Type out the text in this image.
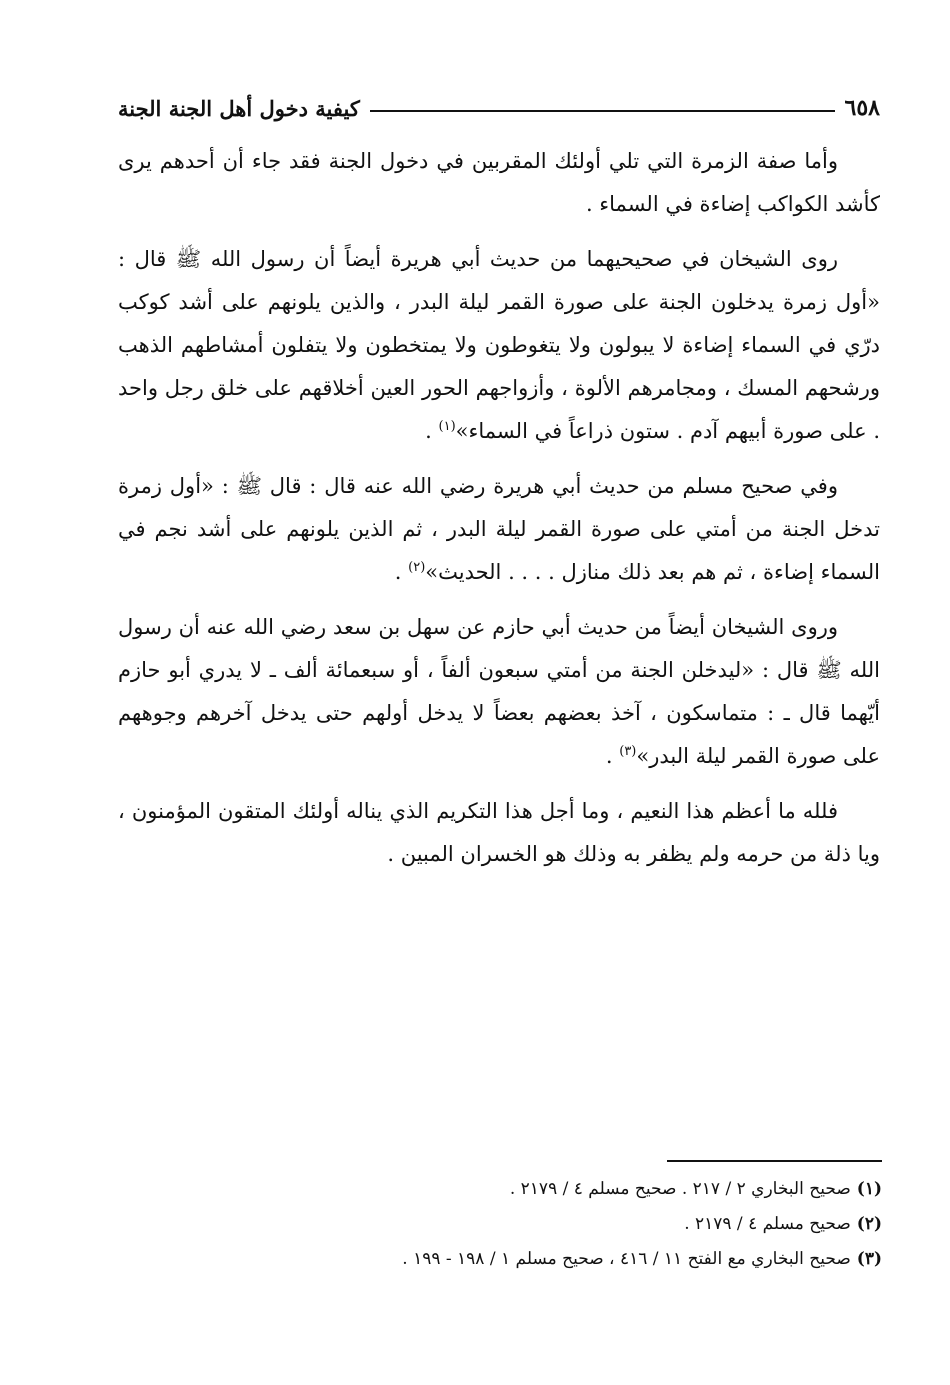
٦٥٨
كيفية دخول أهل الجنة الجنة

وأما صفة الزمرة التي تلي أولئك المقربين في دخول الجنة فقد جاء أن أحدهم يرى كأشد الكواكب إضاءة في السماء .

روى الشيخان في صحيحيهما من حديث أبي هريرة أيضاً أن رسول الله ﷺ قال : «أول زمرة يدخلون الجنة على صورة القمر ليلة البدر ، والذين يلونهم على أشد كوكب درّي في السماء إضاءة لا يبولون ولا يتغوطون ولا يمتخطون ولا يتفلون أمشاطهم الذهب ورشحهم المسك ، ومجامرهم الألوة ، وأزواجهم الحور العين أخلاقهم على خلق رجل واحد . على صورة أبيهم آدم . ستون ذراعاً في السماء»$^{(١)}$ .

وفي صحيح مسلم من حديث أبي هريرة رضي الله عنه قال : قال ﷺ : «أول زمرة تدخل الجنة من أمتي على صورة القمر ليلة البدر ، ثم الذين يلونهم على أشد نجم في السماء إضاءة ، ثم هم بعد ذلك منازل . . . . الحديث»$^{(٢)}$ .

وروى الشيخان أيضاً من حديث أبي حازم عن سهل بن سعد رضي الله عنه أن رسول الله ﷺ قال : «ليدخلن الجنة من أمتي سبعون ألفاً ، أو سبعمائة ألف ـ لا يدري أبو حازم أيّهما قال ـ : متماسكون ، آخذ بعضهم بعضاً لا يدخل أولهم حتى يدخل آخرهم وجوههم على صورة القمر ليلة البدر»$^{(٣)}$ .

فلله ما أعظم هذا النعيم ، وما أجل هذا التكريم الذي يناله أولئك المتقون المؤمنون ، ويا ذلة من حرمه ولم يظفر به وذلك هو الخسران المبين .

(١)صحيح البخاري ٢ / ٢١٧ . صحيح مسلم ٤ / ٢١٧٩ .
(٢)صحيح مسلم ٤ / ٢١٧٩ .
(٣)صحيح البخاري مع الفتح ١١ / ٤١٦ ، صحيح مسلم ١ / ١٩٨ - ١٩٩ .
